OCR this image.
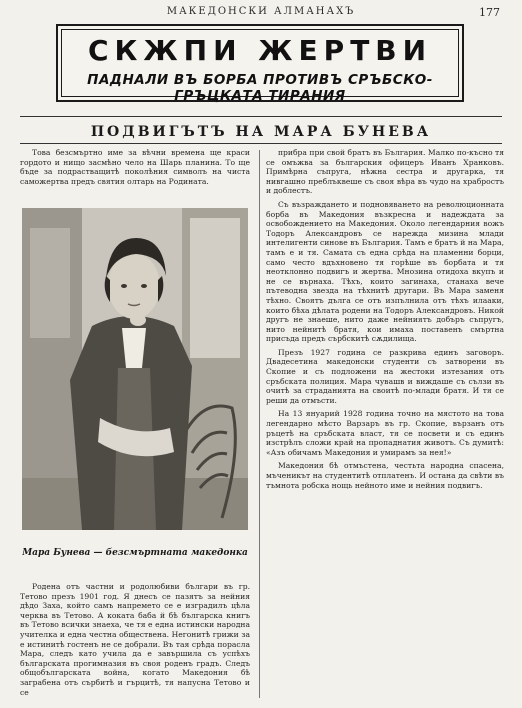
МАКЕДОНСКИ АЛМАНАХЪ	177
СКЖПИ ЖЕРТВИ
ПАДНАЛИ ВЪ БОРБА ПРОТИВЪ СРЪБСКО-ГРЪЦКАТА ТИРАНИЯ
ПОДВИГЪТЪ НА МАРА БУНЕВА

Това безсмъртно име за вѣчни времена ще краси гордото и нищо засмѣно чело на Шарь планина. То ще бъде за подрастващитѣ поколѣния символъ на чиста саможертва предъ святия олтарь на Родината.

Мара Бунева — безсмъртната македонка

Родена отъ частни и родолюбиви българи въ гр. Тетово презъ 1901 год. Я днесъ се пазятъ за нейния дѣдо Заха, който самъ напремето се е изградилъ цѣла черква въ Тетово. А коката баба й бѣ българска книгъ въ Тетово всички знаеха, че тя е една истински народна учителка и една честна обществена. Негонитѣ грижи за е истинитѣ гостенъ не се добрали. Въ тая срѣда порасла Мара, следъ като учила да е завършила съ успѣхъ българската прогимназия въ своя роденъ градъ. Следъ общобългарската война, когато Македония бѣ заграбена отъ сърбитѣ и гърцитѣ, тя напусна Тетово и се

прибра при свой братъ въ България. Малко по-късно тя се омъжва за българския офицеръ Иванъ Хранковъ. Примѣрна съпруга, нѣжна сестра и другарка, тя нивгашно преблъквеше съ своя вѣра въ чудо на храбростъ и доблестъ.

Съ възраждането и подновяването на революционната борба въ Македония възкресна и надеждата за освобождението на Македония. Около легендарния вожъ Тодоръ Александровъ се нарежда мизина млади интелигенти синове въ България. Тамъ е братъ й на Мара, тамъ е и тя. Самата съ една срѣда на пламенни борци, само често вдъхновено тя горѣше въ борбата и тя неотклонно подвигъ и жертва. Мнозина отидоха вкупъ и не се върнаха. Тѣхъ, които загинаха, станаха вече пътеводна звезда на тѣхнитѣ другари. Въ Мара заменя тѣхно. Своятъ дълга се отъ изпълнила отъ тѣхъ илааки, които бѣха дѣлата родени на Тодоръ Александровъ. Никой другъ не знаеше, нито даже нейниятъ добъръ съпругъ, нито нейнитѣ братя, кои имаха поставенъ смъртна присъда предъ сърбскитѣ сѫдилища.

Презъ 1927 година се разкрива единъ заговоръ. Двадесетина македонски студенти съ затворени въ Скопие и съ подложени на жестоки изтезания отъ сръбската полиция. Мара чувашв и виждаше съ сълзи въ очитѣ за страданията на своитѣ по-млади братя. И тя се реши да отмъсти.

На 13 януарий 1928 година точно на мястото на това легендарно мѣсто Варзаръ въ гр. Скопие, вързанъ отъ ръцетѣ на сръбската власт, тя се посвети и съ единъ изстрѣлъ сложи край на пропаднатия животъ. Съ думитѣ: «Азъ обичамъ Македония и умирамъ за нея!»

Македония бѣ отмъстена, честьта народна спасена, мъченикът на студентитѣ отплатенъ. И остана да свѣти въ тъмнота робска нощь нейното име и нейния подвигъ.
